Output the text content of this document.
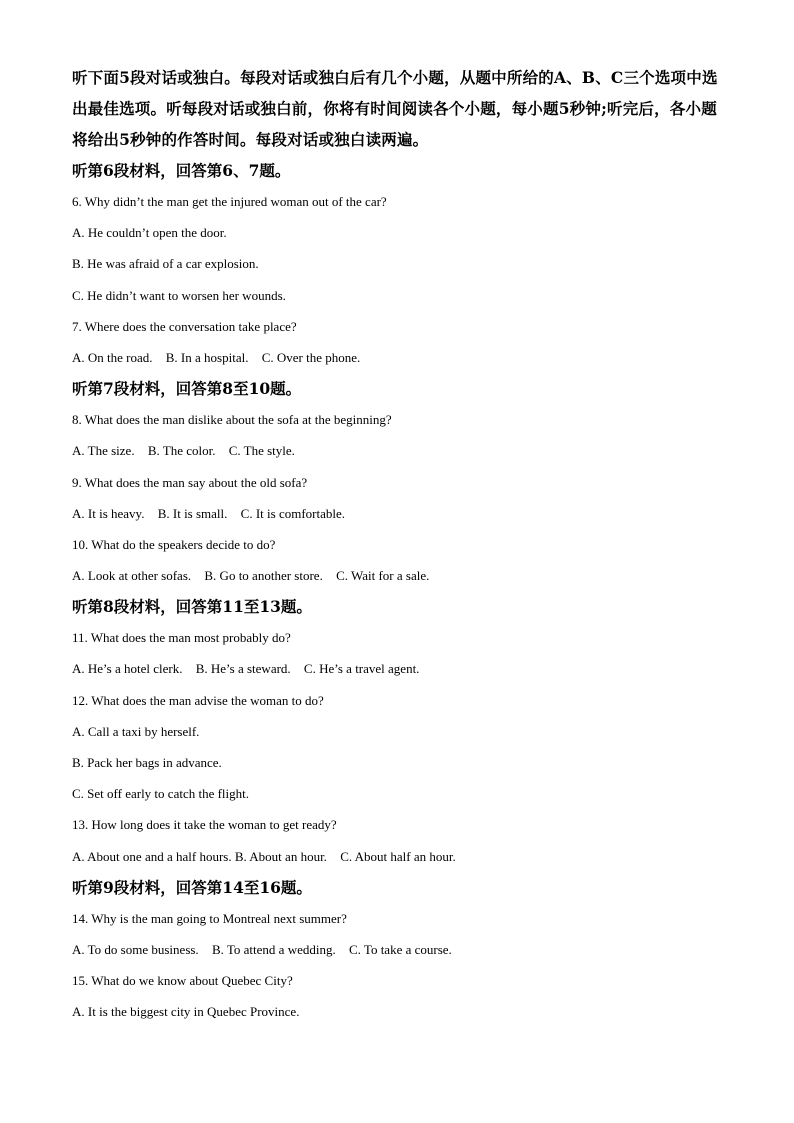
听下面5段对话或独白。每段对话或独白后有几个小题，从题中所给的A、B、C三个选项中选出最佳选项。听每段对话或独白前，你将有时间阅读各个小题，每小题5秒钟;听完后，各小题将给出5秒钟的作答时间。每段对话或独白读两遍。

听第6段材料，回答第6、7题。

6. Why didn’t the man get the injured woman out of the car?

A. He couldn’t open the door.

B. He was afraid of a car explosion.

C. He didn’t want to worsen her wounds.

7. Where does the conversation take place?

A. On the road. B. In a hospital. C. Over the phone.

听第7段材料，回答第8至10题。

8. What does the man dislike about the sofa at the beginning?

A. The size. B. The color. C. The style.

9. What does the man say about the old sofa?

A. It is heavy. B. It is small. C. It is comfortable.

10. What do the speakers decide to do?

A. Look at other sofas. B. Go to another store. C. Wait for a sale.

听第8段材料，回答第11至13题。

11. What does the man most probably do?

A. He’s a hotel clerk. B. He’s a steward. C. He’s a travel agent.

12. What does the man advise the woman to do?

A. Call a taxi by herself.

B. Pack her bags in advance.

C. Set off early to catch the flight.

13. How long does it take the woman to get ready?

A. About one and a half hours. B. About an hour. C. About half an hour.

听第9段材料，回答第14至16题。

14. Why is the man going to Montreal next summer?

A. To do some business. B. To attend a wedding. C. To take a course.

15. What do we know about Quebec City?

A. It is the biggest city in Quebec Province.
